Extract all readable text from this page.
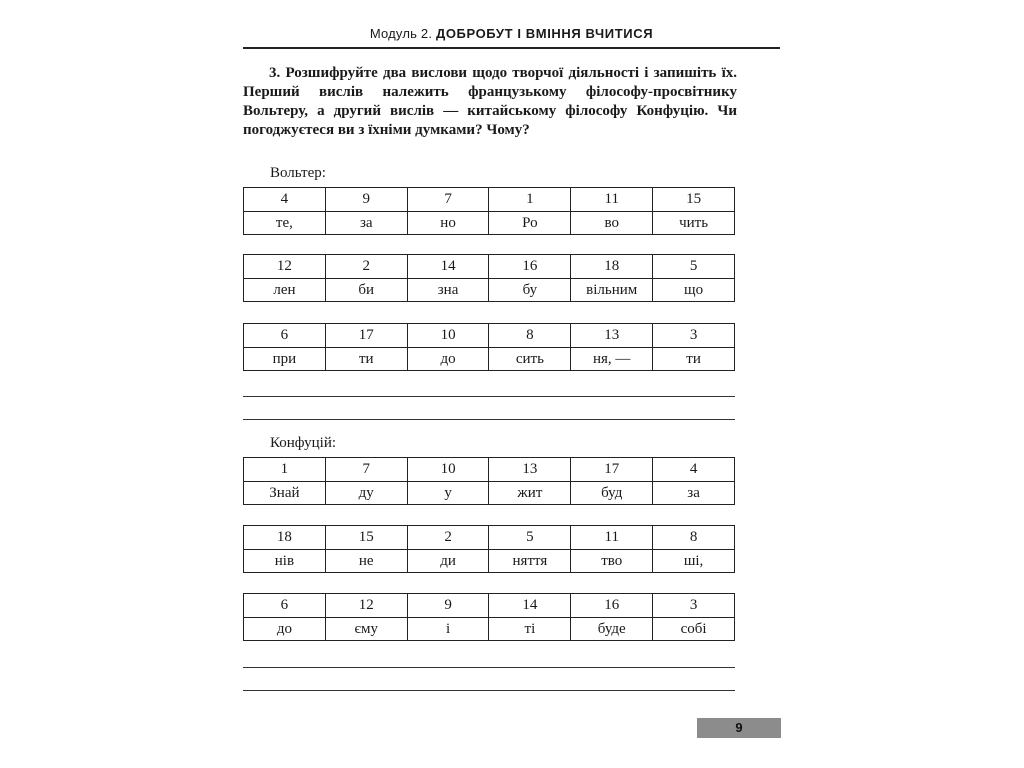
Модуль 2. ДОБРОБУТ І ВМІННЯ ВЧИТИСЯ
3. Розшифруйте два вислови щодо творчої діяльності і запишіть їх. Перший вислів належить французькому філософу-просвітнику Вольтеру, а другий вислів — китайському філософу Конфуцію. Чи погоджуєтеся ви з їхніми думками? Чому?
Вольтер:
4	9	7	1	11	15
те,	за	но	Ро	во	чить
12	2	14	16	18	5
лен	би	зна	бу	вільним	що
6	17	10	8	13	3
при	ти	до	сить	ня, —	ти
Конфуцій:
1	7	10	13	17	4
Знай	ду	у	жит	буд	за
18	15	2	5	11	8
нів	не	ди	няття	тво	ші,
6	12	9	14	16	3
до	єму	і	ті	буде	собі
9
